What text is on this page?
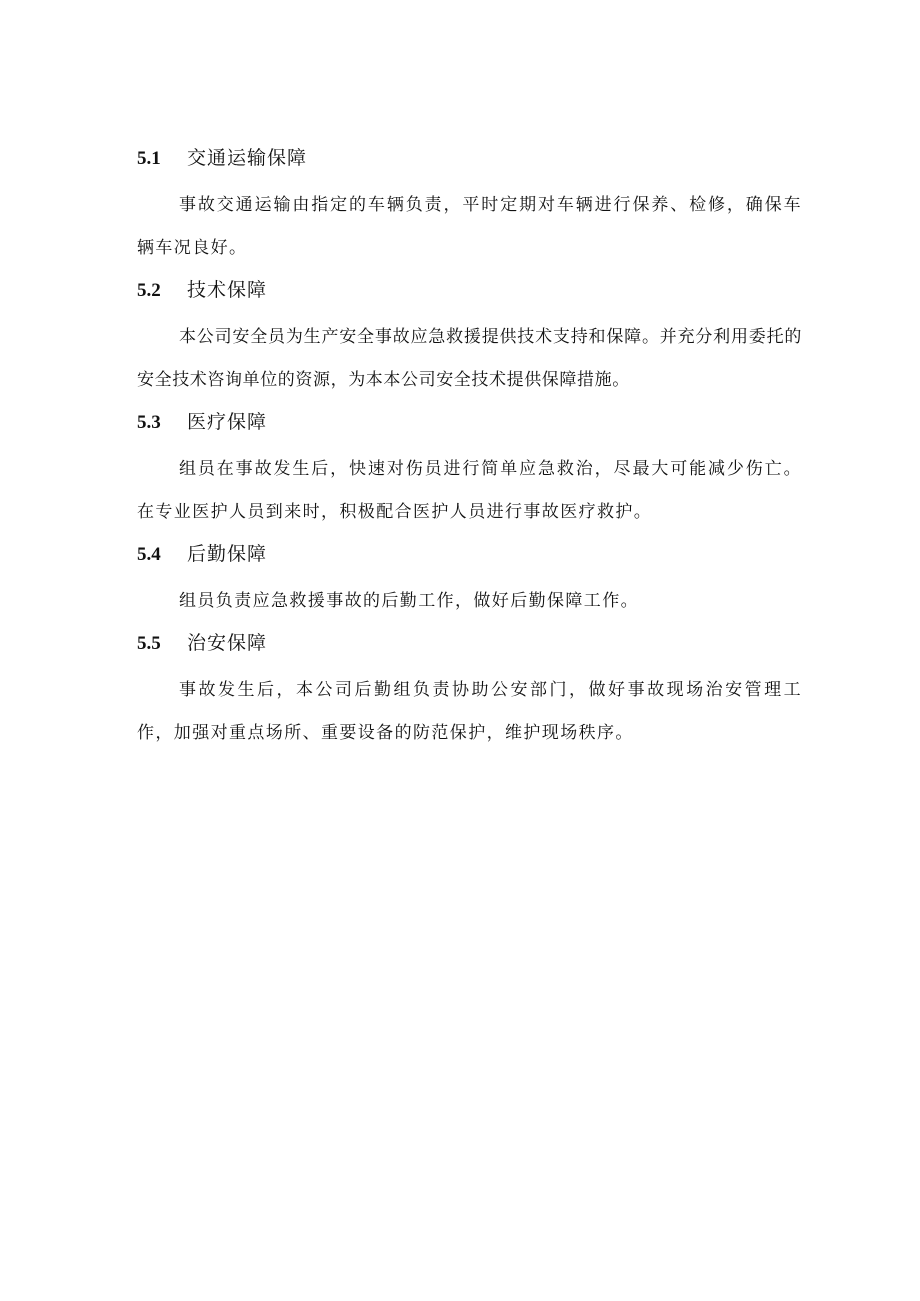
5.1 交通运输保障

事故交通运输由指定的车辆负责，平时定期对车辆进行保养、检修，确保车辆车况良好。

5.2 技术保障

本公司安全员为生产安全事故应急救援提供技术支持和保障。并充分利用委托的安全技术咨询单位的资源，为本本公司安全技术提供保障措施。

5.3 医疗保障

组员在事故发生后，快速对伤员进行简单应急救治，尽最大可能减少伤亡。在专业医护人员到来时，积极配合医护人员进行事故医疗救护。

5.4 后勤保障

组员负责应急救援事故的后勤工作，做好后勤保障工作。

5.5 治安保障

事故发生后，本公司后勤组负责协助公安部门，做好事故现场治安管理工作，加强对重点场所、重要设备的防范保护，维护现场秩序。
